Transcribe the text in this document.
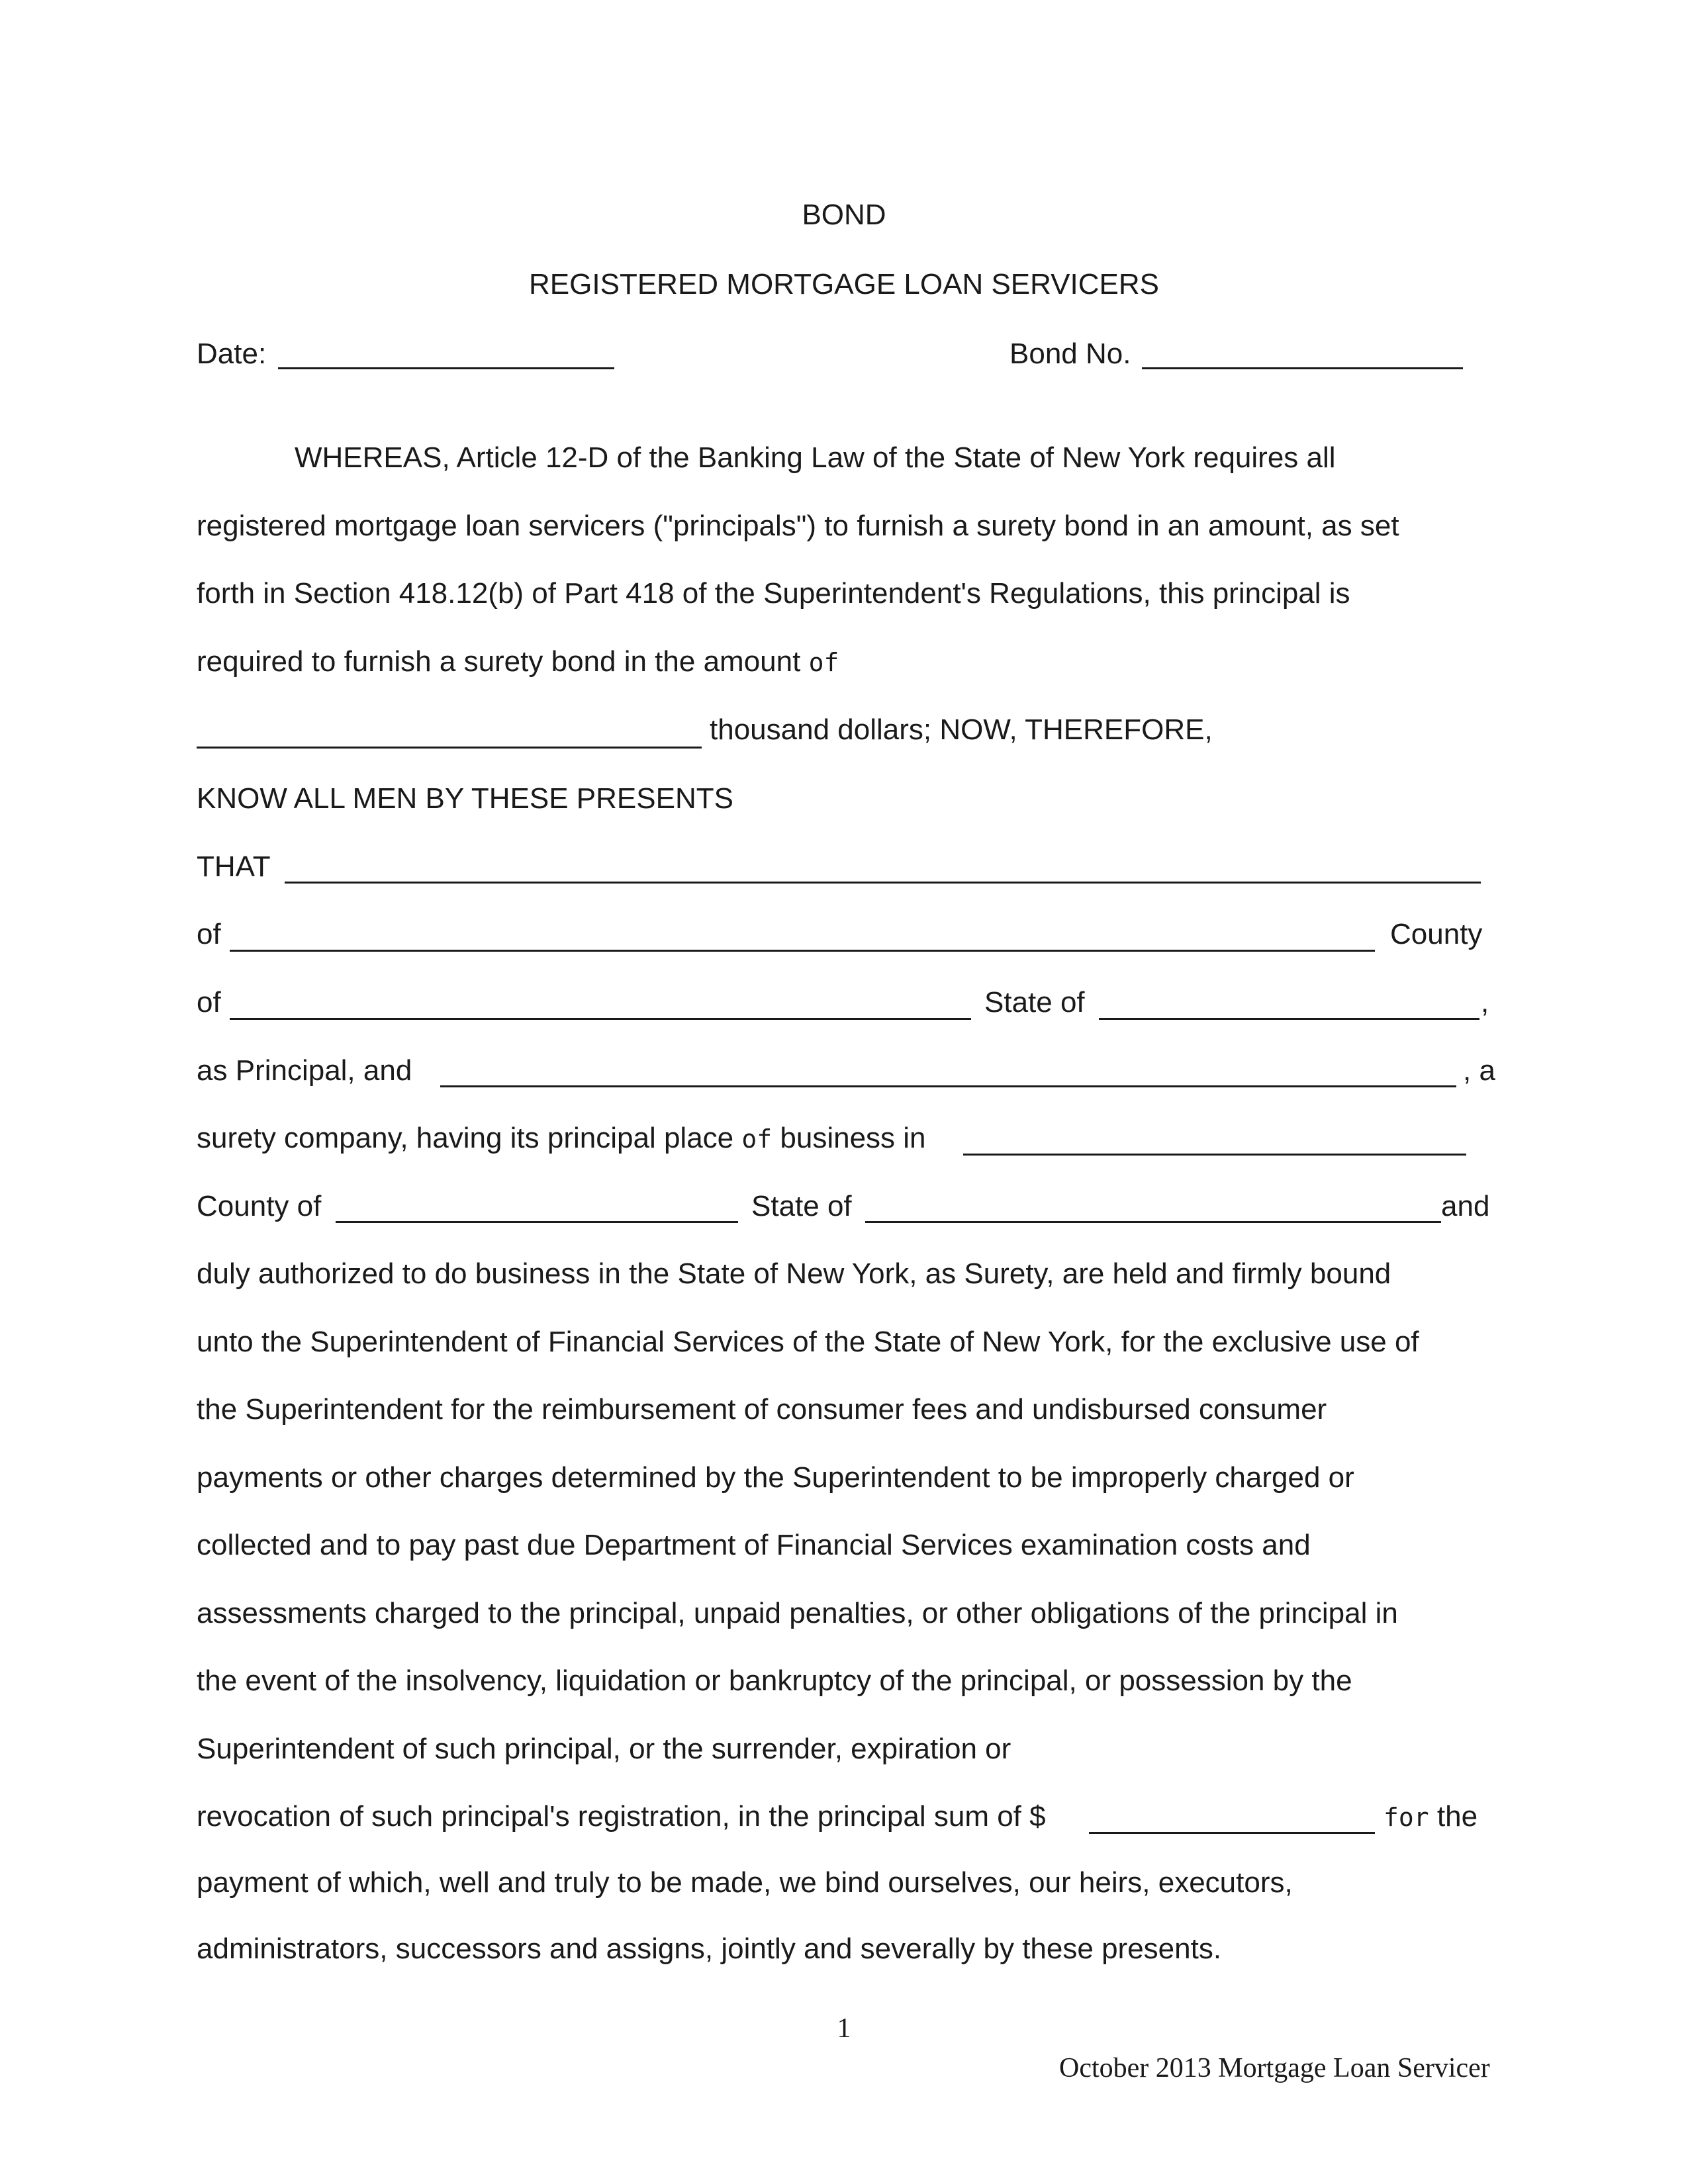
BOND
REGISTERED MORTGAGE LOAN SERVICERS
Date:	Bond No.
WHEREAS, Article 12-D of the Banking Law of the State of New York requires all
registered mortgage loan servicers ("principals") to furnish a surety bond in an amount, as set
forth in Section 418.12(b) of Part 418 of the Superintendent's Regulations, this principal is
required to furnish a surety bond in the amount of
thousand dollars; NOW, THEREFORE,
KNOW ALL MEN BY THESE PRESENTS
THAT
of	County
of	State of	,
as Principal, and	, a
surety company, having its principal place of business in
County of	State of	and
duly authorized to do business in the State of New York, as Surety, are held and firmly bound
unto the Superintendent of Financial Services of the State of New York, for the exclusive use of
the Superintendent for the reimbursement of consumer fees and undisbursed consumer
payments or other charges determined by the Superintendent to be improperly charged or
collected and to pay past due Department of Financial Services examination costs and
assessments charged to the principal, unpaid penalties, or other obligations of the principal in
the event of the insolvency, liquidation or bankruptcy of the principal, or possession by the
Superintendent of such principal, or the surrender, expiration or
revocation of such principal's registration, in the principal sum of $	for the
payment of which, well and truly to be made, we bind ourselves, our heirs, executors,
administrators, successors and assigns, jointly and severally by these presents.
1
October 2013 Mortgage Loan Servicer
